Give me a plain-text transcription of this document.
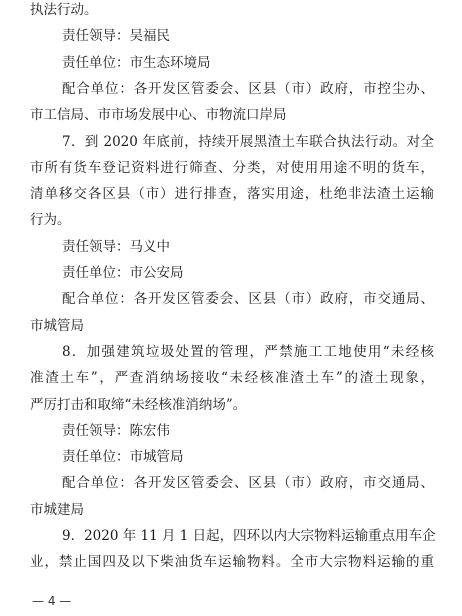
执法行动。
责任领导：吴福民
责任单位：市生态环境局
配合单位：各开发区管委会、区县（市）政府，市控尘办、
市工信局、市市场发展中心、市物流口岸局
7．到 2020 年底前，持续开展黑渣土车联合执法行动。对全
市所有货车登记资料进行筛查、分类，对使用用途不明的货车，
清单移交各区县（市）进行排查，落实用途，杜绝非法渣土运输
行为。
责任领导：马义中
责任单位：市公安局
配合单位：各开发区管委会、区县（市）政府，市交通局、
市城管局
8．加强建筑垃圾处置的管理，严禁施工工地使用“未经核
准渣土车”，严查消纳场接收“未经核准渣土车”的渣土现象，
严厉打击和取缔“未经核准消纳场”。
责任领导：陈宏伟
责任单位：市城管局
配合单位：各开发区管委会、区县（市）政府，市交通局、
市城建局
9．2020 年 11 月 1 日起，四环以内大宗物料运输重点用车企
业，禁止国四及以下柴油货车运输物料。全市大宗物料运输的重
— 4 —
